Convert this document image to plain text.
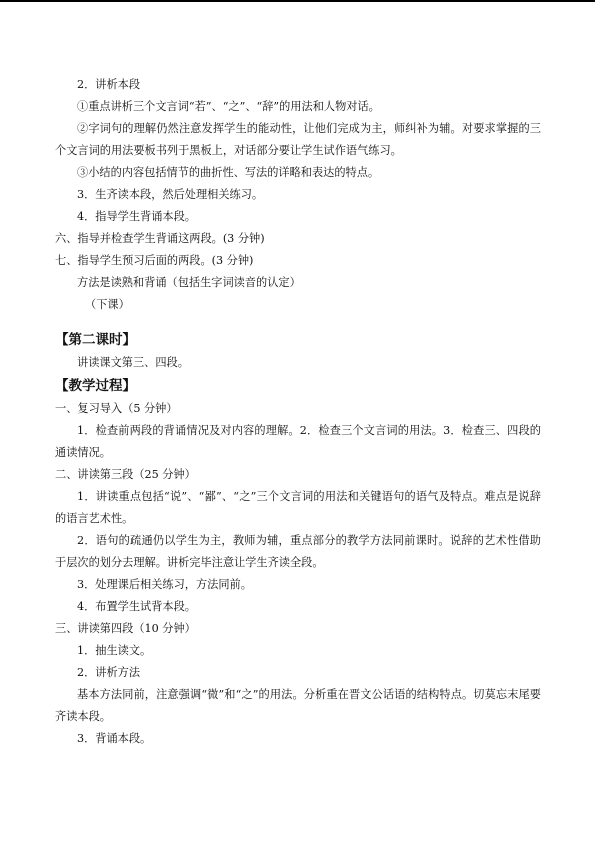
2．讲析本段

①重点讲析三个文言词“若”、“之”、“辞”的用法和人物对话。

②字词句的理解仍然注意发挥学生的能动性，让他们完成为主，师纠补为辅。对要求掌握的三个文言词的用法要板书列于黑板上，对话部分要让学生试作语气练习。

③小结的内容包括情节的曲折性、写法的详略和表达的特点。

3．生齐读本段，然后处理相关练习。

4．指导学生背诵本段。

六、指导并检查学生背诵这两段。(3 分钟)

七、指导学生预习后面的两段。(3 分钟)

方法是读熟和背诵（包括生字词读音的认定）

（下课）

【第二课时】

讲读课文第三、四段。

【教学过程】

一、复习导入（5 分钟）

1．检查前两段的背诵情况及对内容的理解。2．检查三个文言词的用法。3．检查三、四段的通读情况。

二、讲读第三段（25 分钟）

1．讲读重点包括“说”、“鄙”、“之”三个文言词的用法和关键语句的语气及特点。难点是说辞的语言艺术性。

2．语句的疏通仍以学生为主，教师为辅，重点部分的教学方法同前课时。说辞的艺术性借助于层次的划分去理解。讲析完毕注意让学生齐读全段。

3．处理课后相关练习，方法同前。

4．布置学生试背本段。

三、讲读第四段（10 分钟）

1．抽生读文。

2．讲析方法

基本方法同前，注意强调“微”和“之”的用法。分析重在晋文公话语的结构特点。切莫忘末尾要齐读本段。

3．背诵本段。
